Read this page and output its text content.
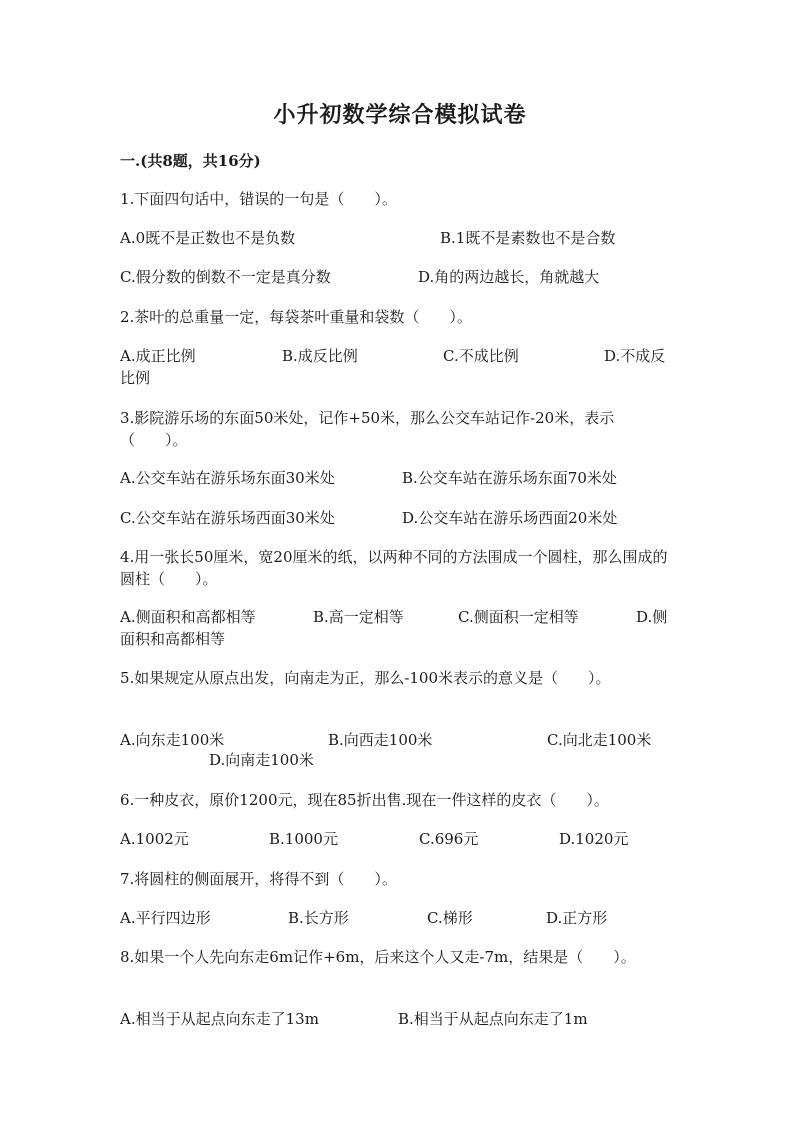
小升初数学综合模拟试卷
一.(共8题，共16分)
1.下面四句话中，错误的一句是（　　）。
A.0既不是正数也不是负数	B.1既不是素数也不是合数
C.假分数的倒数不一定是真分数	D.角的两边越长，角就越大
2.茶叶的总重量一定，每袋茶叶重量和袋数（　　）。
A.成正比例	B.成反比例	C.不成比例	D.不成反
比例
3.影院游乐场的东面50米处，记作+50米，那么公交车站记作-20米，表示（　　）。
A.公交车站在游乐场东面30米处	B.公交车站在游乐场东面70米处
C.公交车站在游乐场西面30米处	D.公交车站在游乐场西面20米处
4.用一张长50厘米，宽20厘米的纸，以两种不同的方法围成一个圆柱，那么围成的圆柱（　　）。
A.侧面积和高都相等	B.高一定相等	C.侧面积一定相等	D.侧
面积和高都相等
5.如果规定从原点出发，向南走为正，那么-100米表示的意义是（　　）。
A.向东走100米	B.向西走100米	C.向北走100米
D.向南走100米
6.一种皮衣，原价1200元，现在85折出售.现在一件这样的皮衣（　　）。
A.1002元	B.1000元	C.696元	D.1020元
7.将圆柱的侧面展开，将得不到（　　）。
A.平行四边形	B.长方形	C.梯形	D.正方形
8.如果一个人先向东走6m记作+6m，后来这个人又走-7m，结果是（　　）。
A.相当于从起点向东走了13m	B.相当于从起点向东走了1m
